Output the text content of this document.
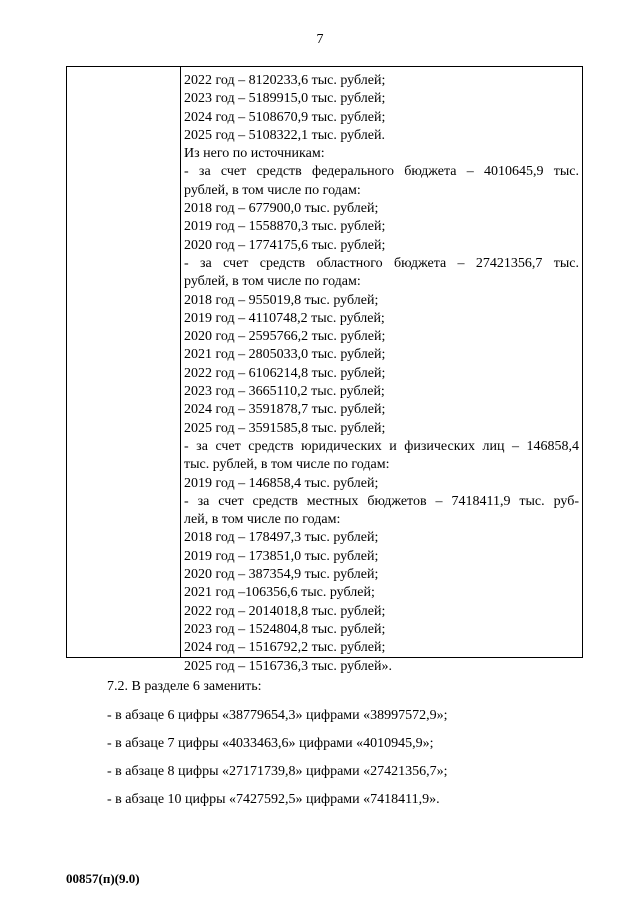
7
2022 год – 8120233,6 тыс. рублей;
2023 год – 5189915,0 тыс. рублей;
2024 год – 5108670,9 тыс. рублей;
2025 год – 5108322,1 тыс. рублей.
Из него по источникам:
- за счет средств федерального бюджета – 4010645,9 тыс.
рублей, в том числе по годам:
2018 год – 677900,0 тыс. рублей;
2019 год – 1558870,3 тыс. рублей;
2020 год – 1774175,6 тыс. рублей;
- за счет средств областного бюджета – 27421356,7 тыс.
рублей, в том числе по годам:
2018 год – 955019,8 тыс. рублей;
2019 год – 4110748,2 тыс. рублей;
2020 год – 2595766,2 тыс. рублей;
2021 год – 2805033,0 тыс. рублей;
2022 год – 6106214,8 тыс. рублей;
2023 год – 3665110,2 тыс. рублей;
2024 год – 3591878,7 тыс. рублей;
2025 год – 3591585,8 тыс. рублей;
- за счет средств юридических и физических лиц – 146858,4
тыс. рублей, в том числе по годам:
2019 год – 146858,4 тыс. рублей;
- за счет средств местных бюджетов – 7418411,9 тыс. руб-
лей, в том числе по годам:
2018 год – 178497,3 тыс. рублей;
2019 год – 173851,0 тыс. рублей;
2020 год – 387354,9 тыс. рублей;
2021 год –106356,6 тыс. рублей;
2022 год – 2014018,8 тыс. рублей;
2023 год – 1524804,8 тыс. рублей;
2024 год – 1516792,2 тыс. рублей;
2025 год – 1516736,3 тыс. рублей».
7.2. В разделе 6 заменить:
- в абзаце 6 цифры «38779654,3» цифрами «38997572,9»;
- в абзаце 7 цифры «4033463,6» цифрами «4010945,9»;
- в абзаце 8 цифры «27171739,8» цифрами «27421356,7»;
- в абзаце 10 цифры «7427592,5» цифрами «7418411,9».
00857(п)(9.0)
